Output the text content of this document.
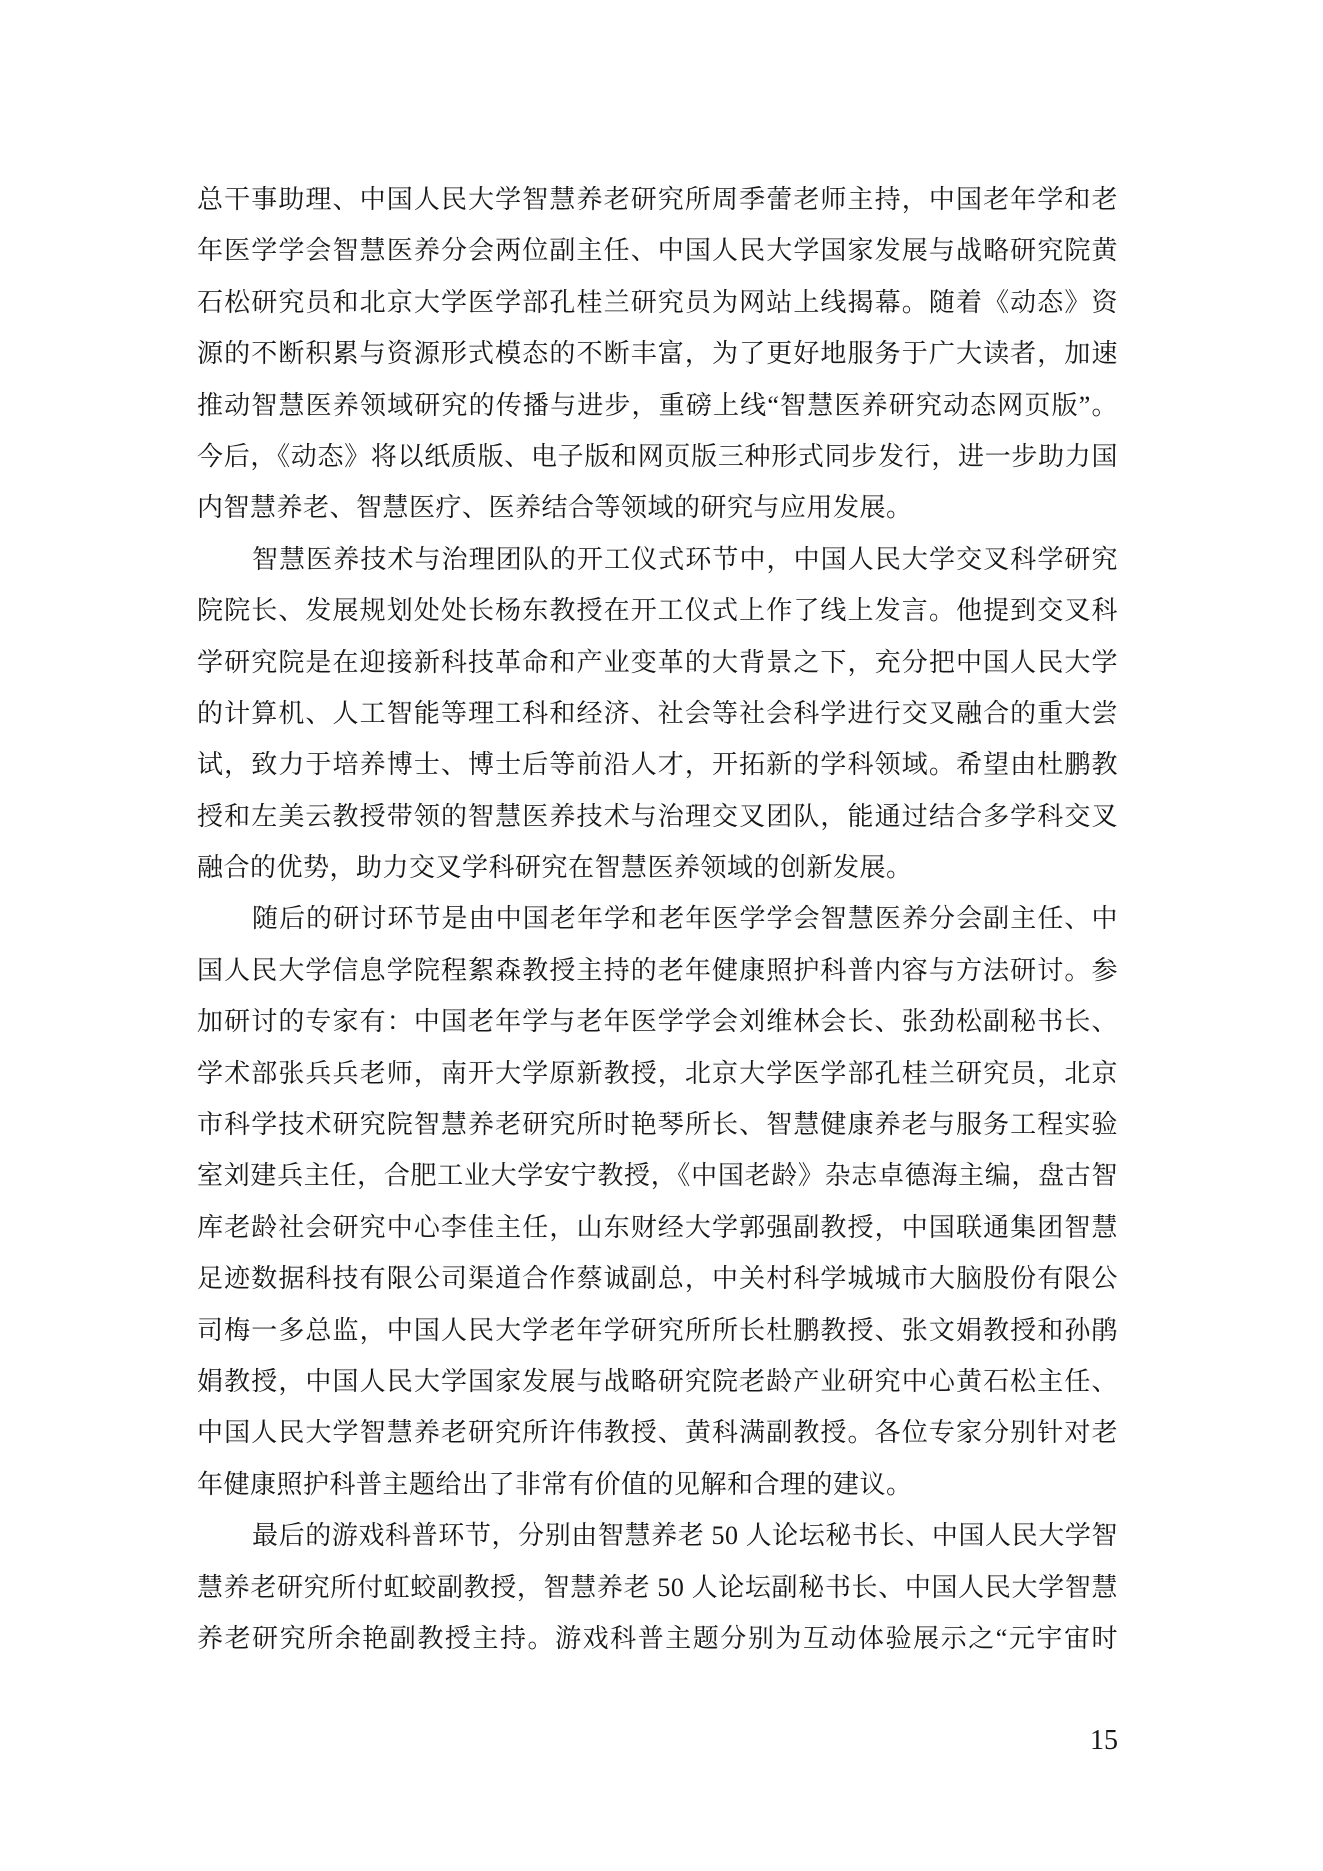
总干事助理、中国人民大学智慧养老研究所周季蕾老师主持，中国老年学和老
年医学学会智慧医养分会两位副主任、中国人民大学国家发展与战略研究院黄
石松研究员和北京大学医学部孔桂兰研究员为网站上线揭幕。随着《动态》资
源的不断积累与资源形式模态的不断丰富，为了更好地服务于广大读者，加速
推动智慧医养领域研究的传播与进步，重磅上线“智慧医养研究动态网页版”。
今后，《动态》将以纸质版、电子版和网页版三种形式同步发行，进一步助力国
内智慧养老、智慧医疗、医养结合等领域的研究与应用发展。
智慧医养技术与治理团队的开工仪式环节中，中国人民大学交叉科学研究
院院长、发展规划处处长杨东教授在开工仪式上作了线上发言。他提到交叉科
学研究院是在迎接新科技革命和产业变革的大背景之下，充分把中国人民大学
的计算机、人工智能等理工科和经济、社会等社会科学进行交叉融合的重大尝
试，致力于培养博士、博士后等前沿人才，开拓新的学科领域。希望由杜鹏教
授和左美云教授带领的智慧医养技术与治理交叉团队，能通过结合多学科交叉
融合的优势，助力交叉学科研究在智慧医养领域的创新发展。
随后的研讨环节是由中国老年学和老年医学学会智慧医养分会副主任、中
国人民大学信息学院程絮森教授主持的老年健康照护科普内容与方法研讨。参
加研讨的专家有：中国老年学与老年医学学会刘维林会长、张劲松副秘书长、
学术部张兵兵老师，南开大学原新教授，北京大学医学部孔桂兰研究员，北京
市科学技术研究院智慧养老研究所时艳琴所长、智慧健康养老与服务工程实验
室刘建兵主任，合肥工业大学安宁教授，《中国老龄》杂志卓德海主编，盘古智
库老龄社会研究中心李佳主任，山东财经大学郭强副教授，中国联通集团智慧
足迹数据科技有限公司渠道合作蔡诚副总，中关村科学城城市大脑股份有限公
司梅一多总监，中国人民大学老年学研究所所长杜鹏教授、张文娟教授和孙鹃
娟教授，中国人民大学国家发展与战略研究院老龄产业研究中心黄石松主任、
中国人民大学智慧养老研究所许伟教授、黄科满副教授。各位专家分别针对老
年健康照护科普主题给出了非常有价值的见解和合理的建议。
最后的游戏科普环节，分别由智慧养老 50 人论坛秘书长、中国人民大学智
慧养老研究所付虹蛟副教授，智慧养老 50 人论坛副秘书长、中国人民大学智慧
养老研究所余艳副教授主持。游戏科普主题分别为互动体验展示之“元宇宙时
15
